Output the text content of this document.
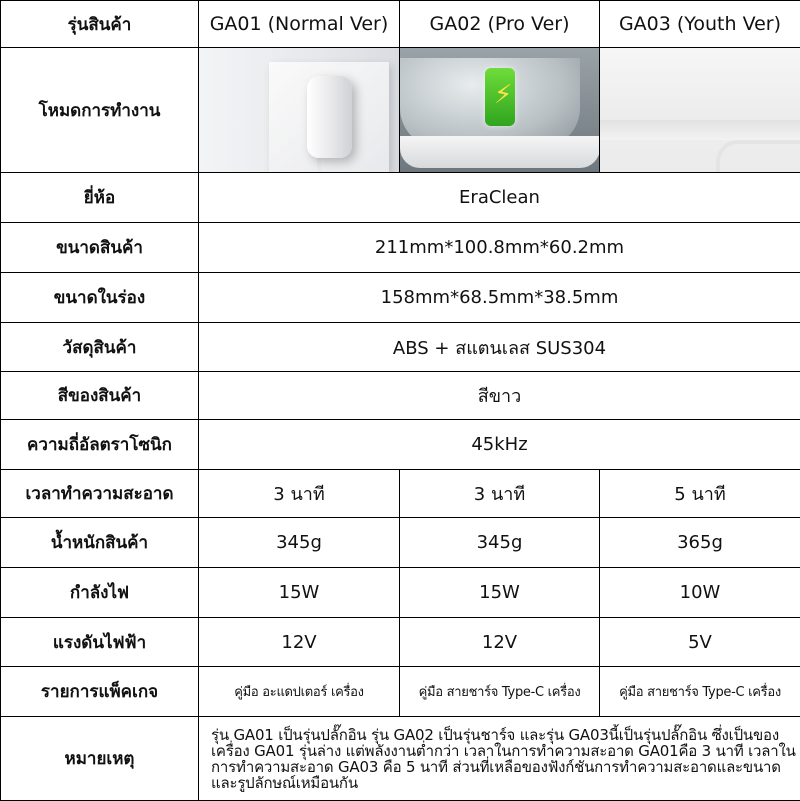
รุ่นสินค้า	GA01 (Normal Ver)	GA02 (Pro Ver)	GA03 (Youth Ver)
โหมดการทำงาน		⚡	

ยี่ห้อ	EraClean		
ขนาดสินค้า	211mm*100.8mm*60.2mm		
ขนาดในร่อง	158mm*68.5mm*38.5mm		
วัสดุสินค้า	ABS + สแตนเลส SUS304		
สีของสินค้า	สีขาว		
ความถี่อัลตราโซนิก	45kHz		
เวลาทำความสะอาด	3 นาที	3 นาที	5 นาที
น้ำหนักสินค้า	345g	345g	365g
กำลังไฟ	15W	15W	10W
แรงดันไฟฟ้า	12V	12V	5V
รายการแพ็คเกจ	คู่มือ อะแดปเตอร์ เครื่อง	คู่มือ สายชาร์จ Type-C เครื่อง	คู่มือ สายชาร์จ Type-C เครื่อง
หมายเหตุ	รุ่น GA01 เป็นรุ่นปลั๊กอิน รุ่น GA02 เป็นรุ่นชาร์จ และรุ่น GA03นี้เป็นรุ่นปลั๊กอิน ซึ่งเป็นของเครื่อง GA01 รุ่นล่าง แต่พลังงานต่ำกว่า เวลาในการทำความสะอาด GA01คือ 3 นาที เวลาในการทำความสะอาด GA03 คือ 5 นาที ส่วนที่เหลือของฟังก์ชันการทำความสะอาดและขนาดและรูปลักษณ์เหมือนกัน		
